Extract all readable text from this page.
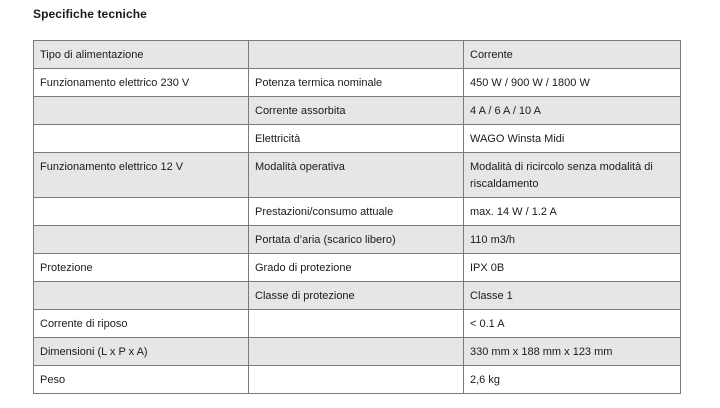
Specifiche tecniche
Tipo di alimentazione		Corrente
Funzionamento elettrico 230 V	Potenza termica nominale	450 W / 900 W / 1800 W
	Corrente assorbita	4 A / 6 A / 10 A
	Elettricità	WAGO Winsta Midi
Funzionamento elettrico 12 V	Modalità operativa	Modalità di ricircolo senza modalità di riscaldamento
	Prestazioni/consumo attuale	max. 14 W / 1.2 A
	Portata d’aria (scarico libero)	110 m3/h
Protezione	Grado di protezione	IPX 0B
	Classe di protezione	Classe 1
Corrente di riposo		< 0.1 A
Dimensioni (L x P x A)		330 mm x 188 mm x 123 mm
Peso		2,6 kg
